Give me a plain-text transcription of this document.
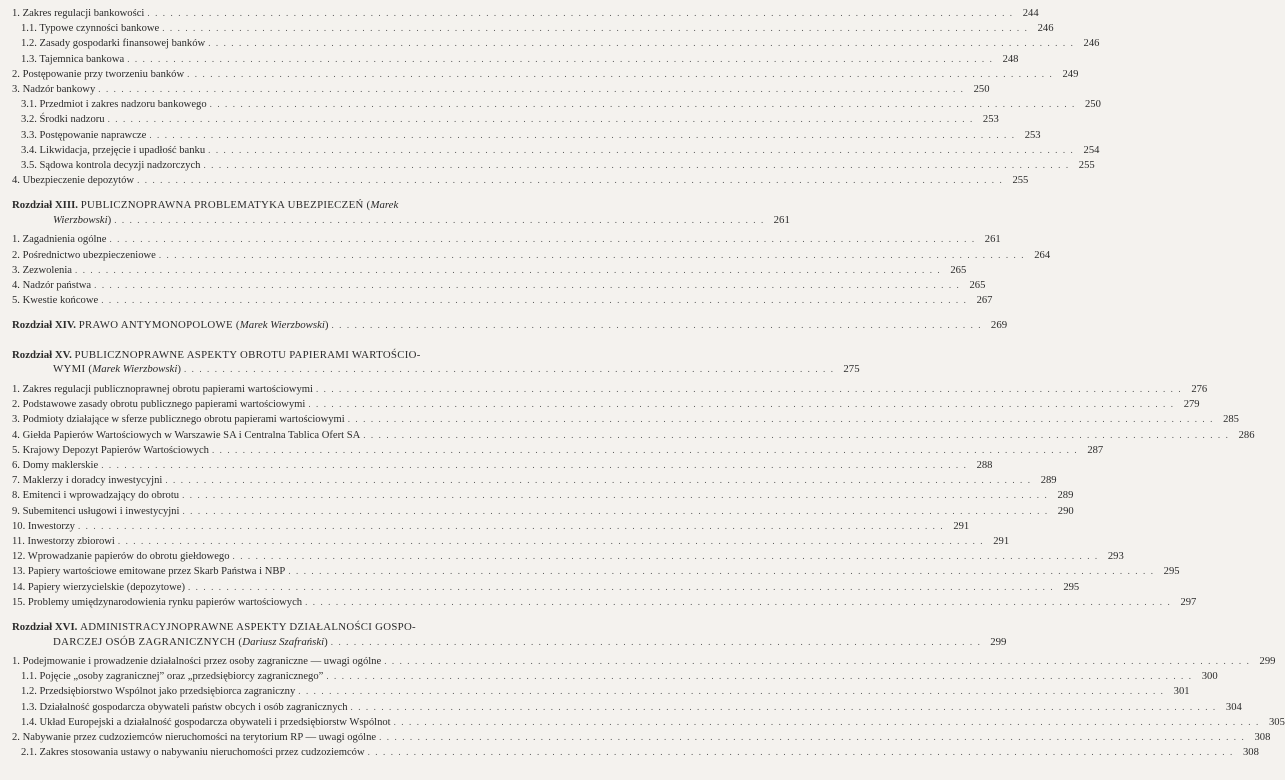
1. Zakres regulacji bankowości . . .	244
1.1. Typowe czynności bankowe . . .	246
1.2. Zasady gospodarki finansowej banków . . .	246
1.3. Tajemnica bankowa . . .	248
2. Postępowanie przy tworzeniu banków . . .	249
3. Nadzór bankowy . . .	250
3.1. Przedmiot i zakres nadzoru bankowego . . .	250
3.2. Środki nadzoru . . .	253
3.3. Postępowanie naprawcze . . .	253
3.4. Likwidacja, przejęcie i upadłość banku . . .	254
3.5. Sądowa kontrola decyzji nadzorczych . . .	255
4. Ubezpieczenie depozytów . . .	255
Rozdział XIII. PUBLICZNOPRAWNA PROBLEMATYKA UBEZPIECZEŃ (Marek
Wierzbowski) . . .	261
1. Zagadnienia ogólne . . .	261
2. Pośrednictwo ubezpieczeniowe . . .	264
3. Zezwolenia . . .	265
4. Nadzór państwa . . .	265
5. Kwestie końcowe . . .	267
Rozdział XIV. PRAWO ANTYMONOPOLOWE (Marek Wierzbowski) . . .	269
Rozdział XV. PUBLICZNOPRAWNE ASPEKTY OBROTU PAPIERAMI WARTOŚCIO-
WYMI (Marek Wierzbowski) . . .	275
1. Zakres regulacji publicznoprawnej obrotu papierami wartościowymi . . .	276
2. Podstawowe zasady obrotu publicznego papierami wartościowymi . . .	279
3. Podmioty działające w sferze publicznego obrotu papierami wartościowymi . . .	285
4. Giełda Papierów Wartościowych w Warszawie SA i Centralna Tablica Ofert SA . . .	286
5. Krajowy Depozyt Papierów Wartościowych . . .	287
6. Domy maklerskie . . .	288
7. Maklerzy i doradcy inwestycyjni . . .	289
8. Emitenci i wprowadzający do obrotu . . .	289
9. Subemitenci usługowi i inwestycyjni . . .	290
10. Inwestorzy . . .	291
11. Inwestorzy zbiorowi . . .	291
12. Wprowadzanie papierów do obrotu giełdowego . . .	293
13. Papiery wartościowe emitowane przez Skarb Państwa i NBP . . .	295
14. Papiery wierzycielskie (depozytowe) . . .	295
15. Problemy umiędzynarodowienia rynku papierów wartościowych . . .	297
Rozdział XVI. ADMINISTRACYJNOPRAWNE ASPEKTY DZIAŁALNOŚCI GOSPO-
DARCZEJ OSÓB ZAGRANICZNYCH (Dariusz Szafrański) . . .	299
1. Podejmowanie i prowadzenie działalności przez osoby zagraniczne — uwagi ogólne . . .	299
1.1. Pojęcie „osoby zagranicznej” oraz „przedsiębiorcy zagranicznego” . . .	300
1.2. Przedsiębiorstwo Wspólnot jako przedsiębiorca zagraniczny . . .	301
1.3. Działalność gospodarcza obywateli państw obcych i osób zagranicznych . . .	304
1.4. Układ Europejski a działalność gospodarcza obywateli i przedsiębiorstw Wspólnot . . .	305
2. Nabywanie przez cudzoziemców nieruchomości na terytorium RP — uwagi ogólne . . .	308
2.1. Zakres stosowania ustawy o nabywaniu nieruchomości przez cudzoziemców . . .	308
